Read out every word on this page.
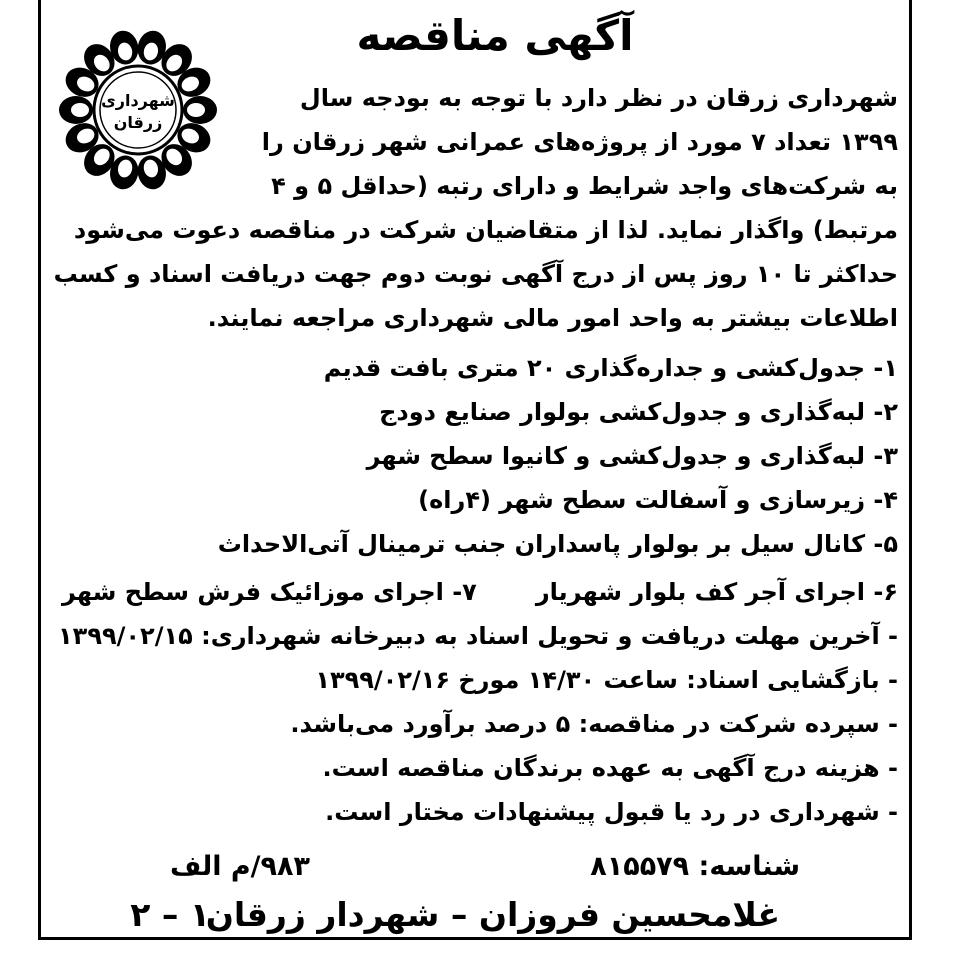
آگهی مناقصه
شهرداری زرقان
شهرداری زرقان در نظر دارد با توجه به بودجه سال
۱۳۹۹ تعداد ۷ مورد از پروژه‌های عمرانی شهر زرقان را
به شرکت‌های واجد شرایط و دارای رتبه (حداقل ۵ و ۴
مرتبط) واگذار نماید. لذا از متقاضیان شرکت در مناقصه دعوت می‌شود
حداکثر تا ۱۰ روز پس از درج آگهی نوبت دوم جهت دریافت اسناد و کسب
اطلاعات بیشتر به واحد امور مالی شهرداری مراجعه نمایند.
۱- جدول‌کشی و جداره‌گذاری ۲۰ متری بافت قدیم
۲- لبه‌گذاری و جدول‌کشی بولوار صنایع دودج
۳- لبه‌گذاری و جدول‌کشی و کانیوا سطح شهر
۴- زیرسازی و آسفالت سطح شهر (۴راه)
۵- کانال سیل بر بولوار پاسداران جنب ترمینال آتی‌الاحداث
۶- اجرای آجر کف بلوار شهریار
۷- اجرای موزائیک فرش سطح شهر
- آخرین مهلت دریافت و تحویل اسناد به دبیرخانه شهرداری: ۱۳۹۹/۰۲/۱۵
- بازگشایی اسناد: ساعت ۱۴/۳۰ مورخ ۱۳۹۹/۰۲/۱۶
- سپرده شرکت در مناقصه: ۵ درصد برآورد می‌باشد.
- هزینه درج آگهی به عهده برندگان مناقصه است.
- شهرداری در رد یا قبول پیشنهادات مختار است.
شناسه: ۸۱۵۵۷۹
۹۸۳/م الف
غلامحسین فروزان – شهردار زرقان
۱ – ۲
